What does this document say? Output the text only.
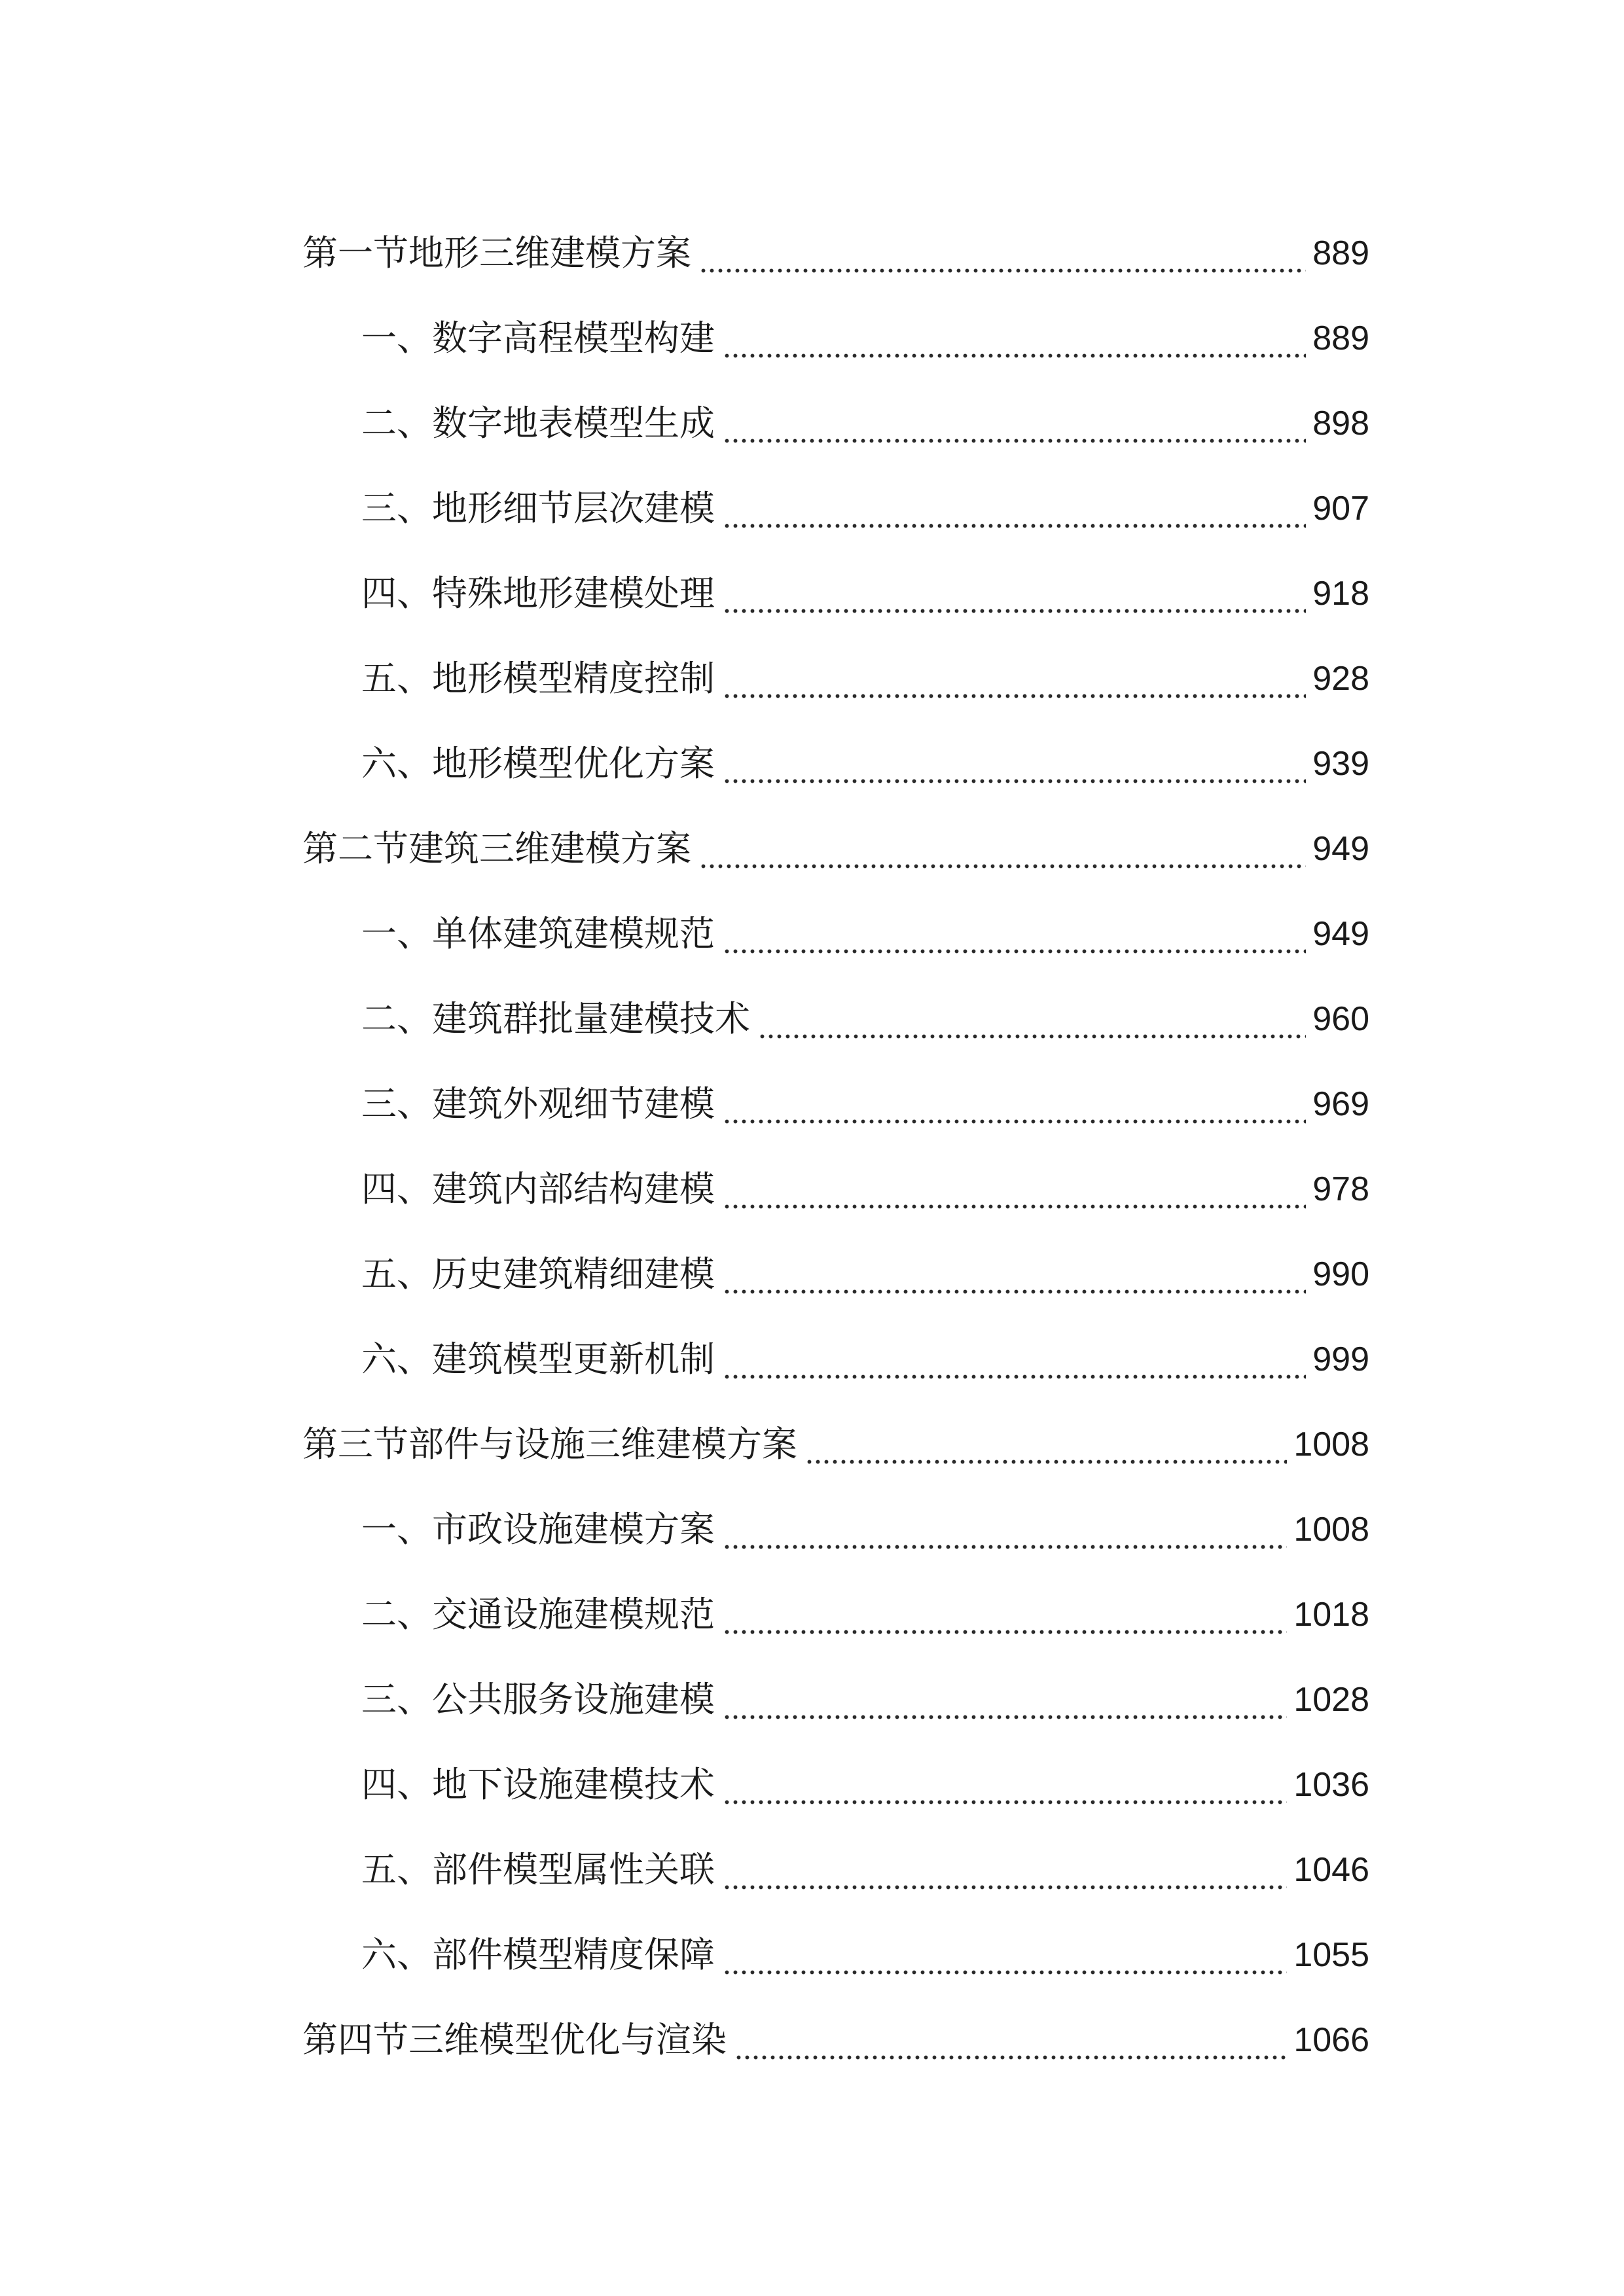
第一节地形三维建模方案	889
一、数字高程模型构建	889
二、数字地表模型生成	898
三、地形细节层次建模	907
四、特殊地形建模处理	918
五、地形模型精度控制	928
六、地形模型优化方案	939
第二节建筑三维建模方案	949
一、单体建筑建模规范	949
二、建筑群批量建模技术	960
三、建筑外观细节建模	969
四、建筑内部结构建模	978
五、历史建筑精细建模	990
六、建筑模型更新机制	999
第三节部件与设施三维建模方案	1008
一、市政设施建模方案	1008
二、交通设施建模规范	1018
三、公共服务设施建模	1028
四、地下设施建模技术	1036
五、部件模型属性关联	1046
六、部件模型精度保障	1055
第四节三维模型优化与渲染	1066
